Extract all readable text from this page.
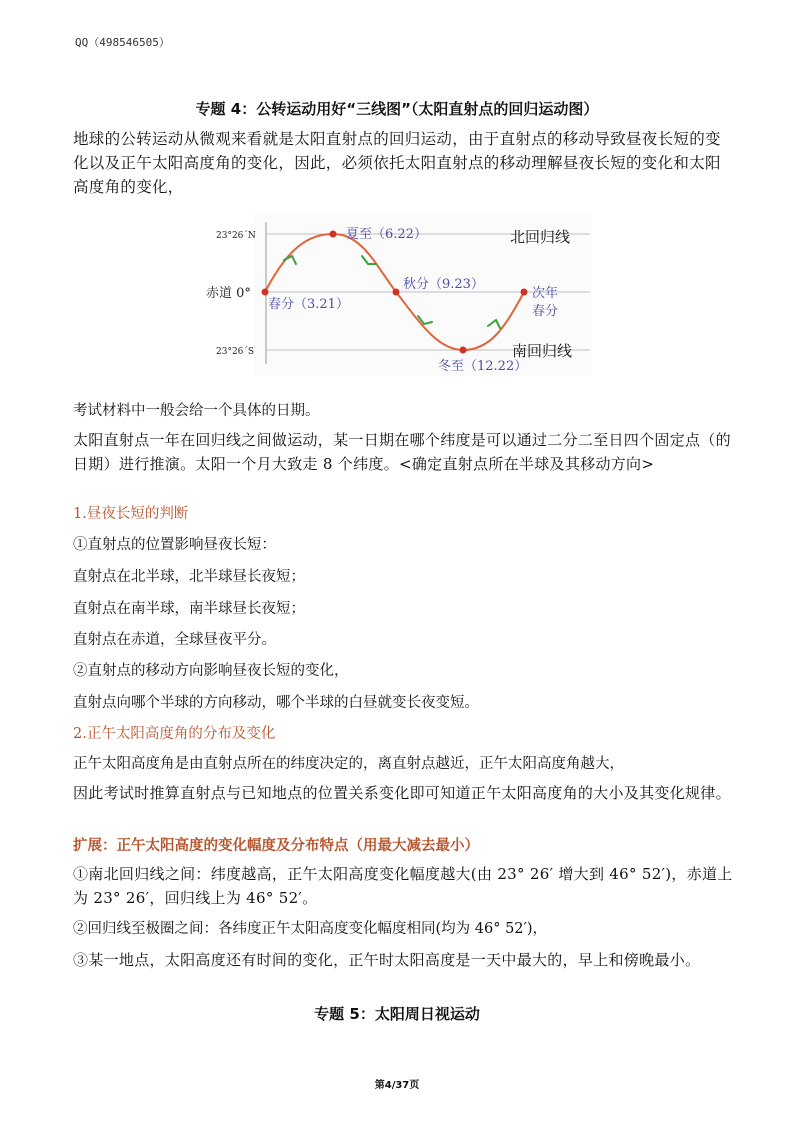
QQ（498546505）
专题 4：公转运动用好“三线图”（太阳直射点的回归运动图）
地球的公转运动从微观来看就是太阳直射点的回归运动，由于直射点的移动导致昼夜长短的变化以及正午太阳高度角的变化，因此，必须依托太阳直射点的移动理解昼夜长短的变化和太阳高度角的变化，
23°26´N
赤道 0°
23°26´S
北回归线
南回归线
夏至（6.22）
春分（3.21）
秋分（9.23）
冬至（12.22）
次年
春分
考试材料中一般会给一个具体的日期。
太阳直射点一年在回归线之间做运动，某一日期在哪个纬度是可以通过二分二至日四个固定点（的日期）进行推演。太阳一个月大致走 8 个纬度。<确定直射点所在半球及其移动方向>
1.昼夜长短的判断
①直射点的位置影响昼夜长短：
直射点在北半球，北半球昼长夜短；
直射点在南半球，南半球昼长夜短；
直射点在赤道，全球昼夜平分。
②直射点的移动方向影响昼夜长短的变化，
直射点向哪个半球的方向移动，哪个半球的白昼就变长夜变短。
2.正午太阳高度角的分布及变化
正午太阳高度角是由直射点所在的纬度决定的，离直射点越近，正午太阳高度角越大，
因此考试时推算直射点与已知地点的位置关系变化即可知道正午太阳高度角的大小及其变化规律。
扩展：正午太阳高度的变化幅度及分布特点（用最大减去最小）
①南北回归线之间：纬度越高，正午太阳高度变化幅度越大(由 23° 26′ 增大到 46° 52′)，赤道上为 23° 26′，回归线上为 46° 52′。
②回归线至极圈之间：各纬度正午太阳高度变化幅度相同(均为 46° 52′)，
③某一地点，太阳高度还有时间的变化，正午时太阳高度是一天中最大的，早上和傍晚最小。
专题 5：太阳周日视运动
第4/37页
